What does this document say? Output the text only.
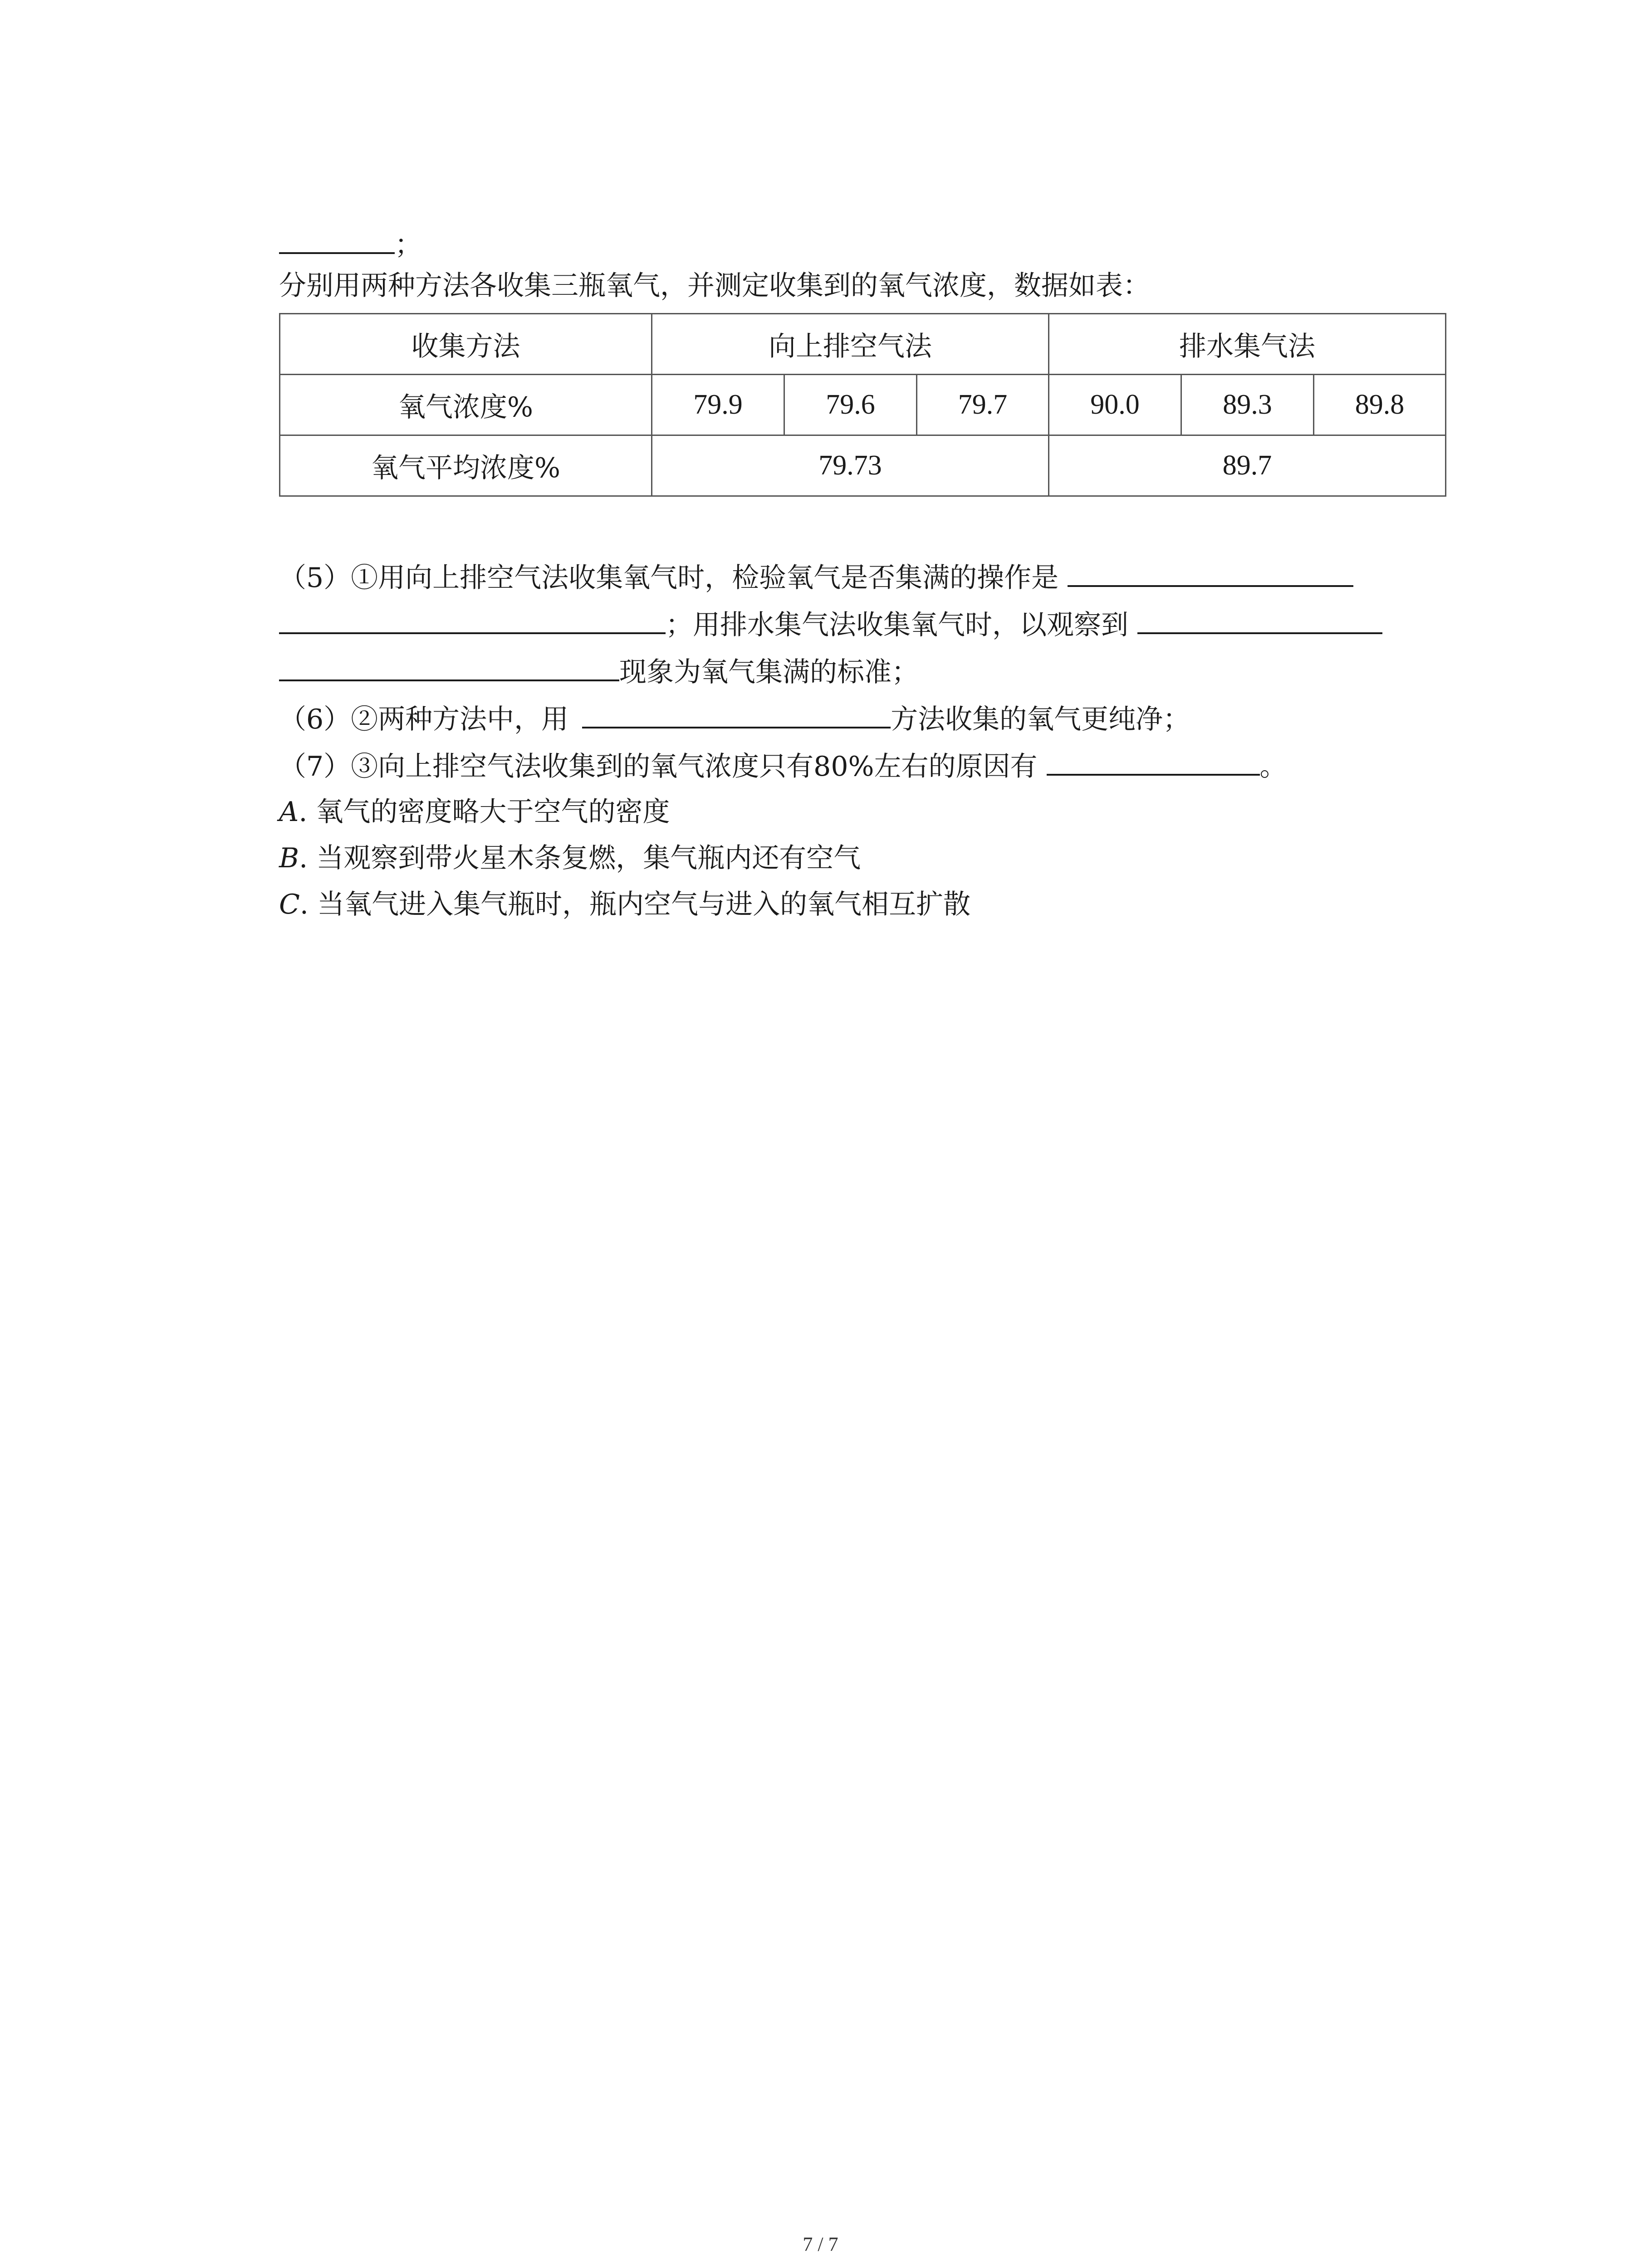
；
分别用两种方法各收集三瓶氧气，并测定收集到的氧气浓度，数据如表：
收集方法	向上排空气法			排水集气法		
氧气浓度%	79.9	79.6	79.7	90.0	89.3	89.8
氧气平均浓度%	79.73			89.7		
（5）①用向上排空气法收集氧气时，检验氧气是否集满的操作是
；用排水集气法收集氧气时，以观察到
现象为氧气集满的标准；
（6）②两种方法中，用	方法收集的氧气更纯净；
（7）③向上排空气法收集到的氧气浓度只有80%左右的原因有	。
A. 氧气的密度略大于空气的密度
B. 当观察到带火星木条复燃，集气瓶内还有空气
C. 当氧气进入集气瓶时，瓶内空气与进入的氧气相互扩散
7 / 7
